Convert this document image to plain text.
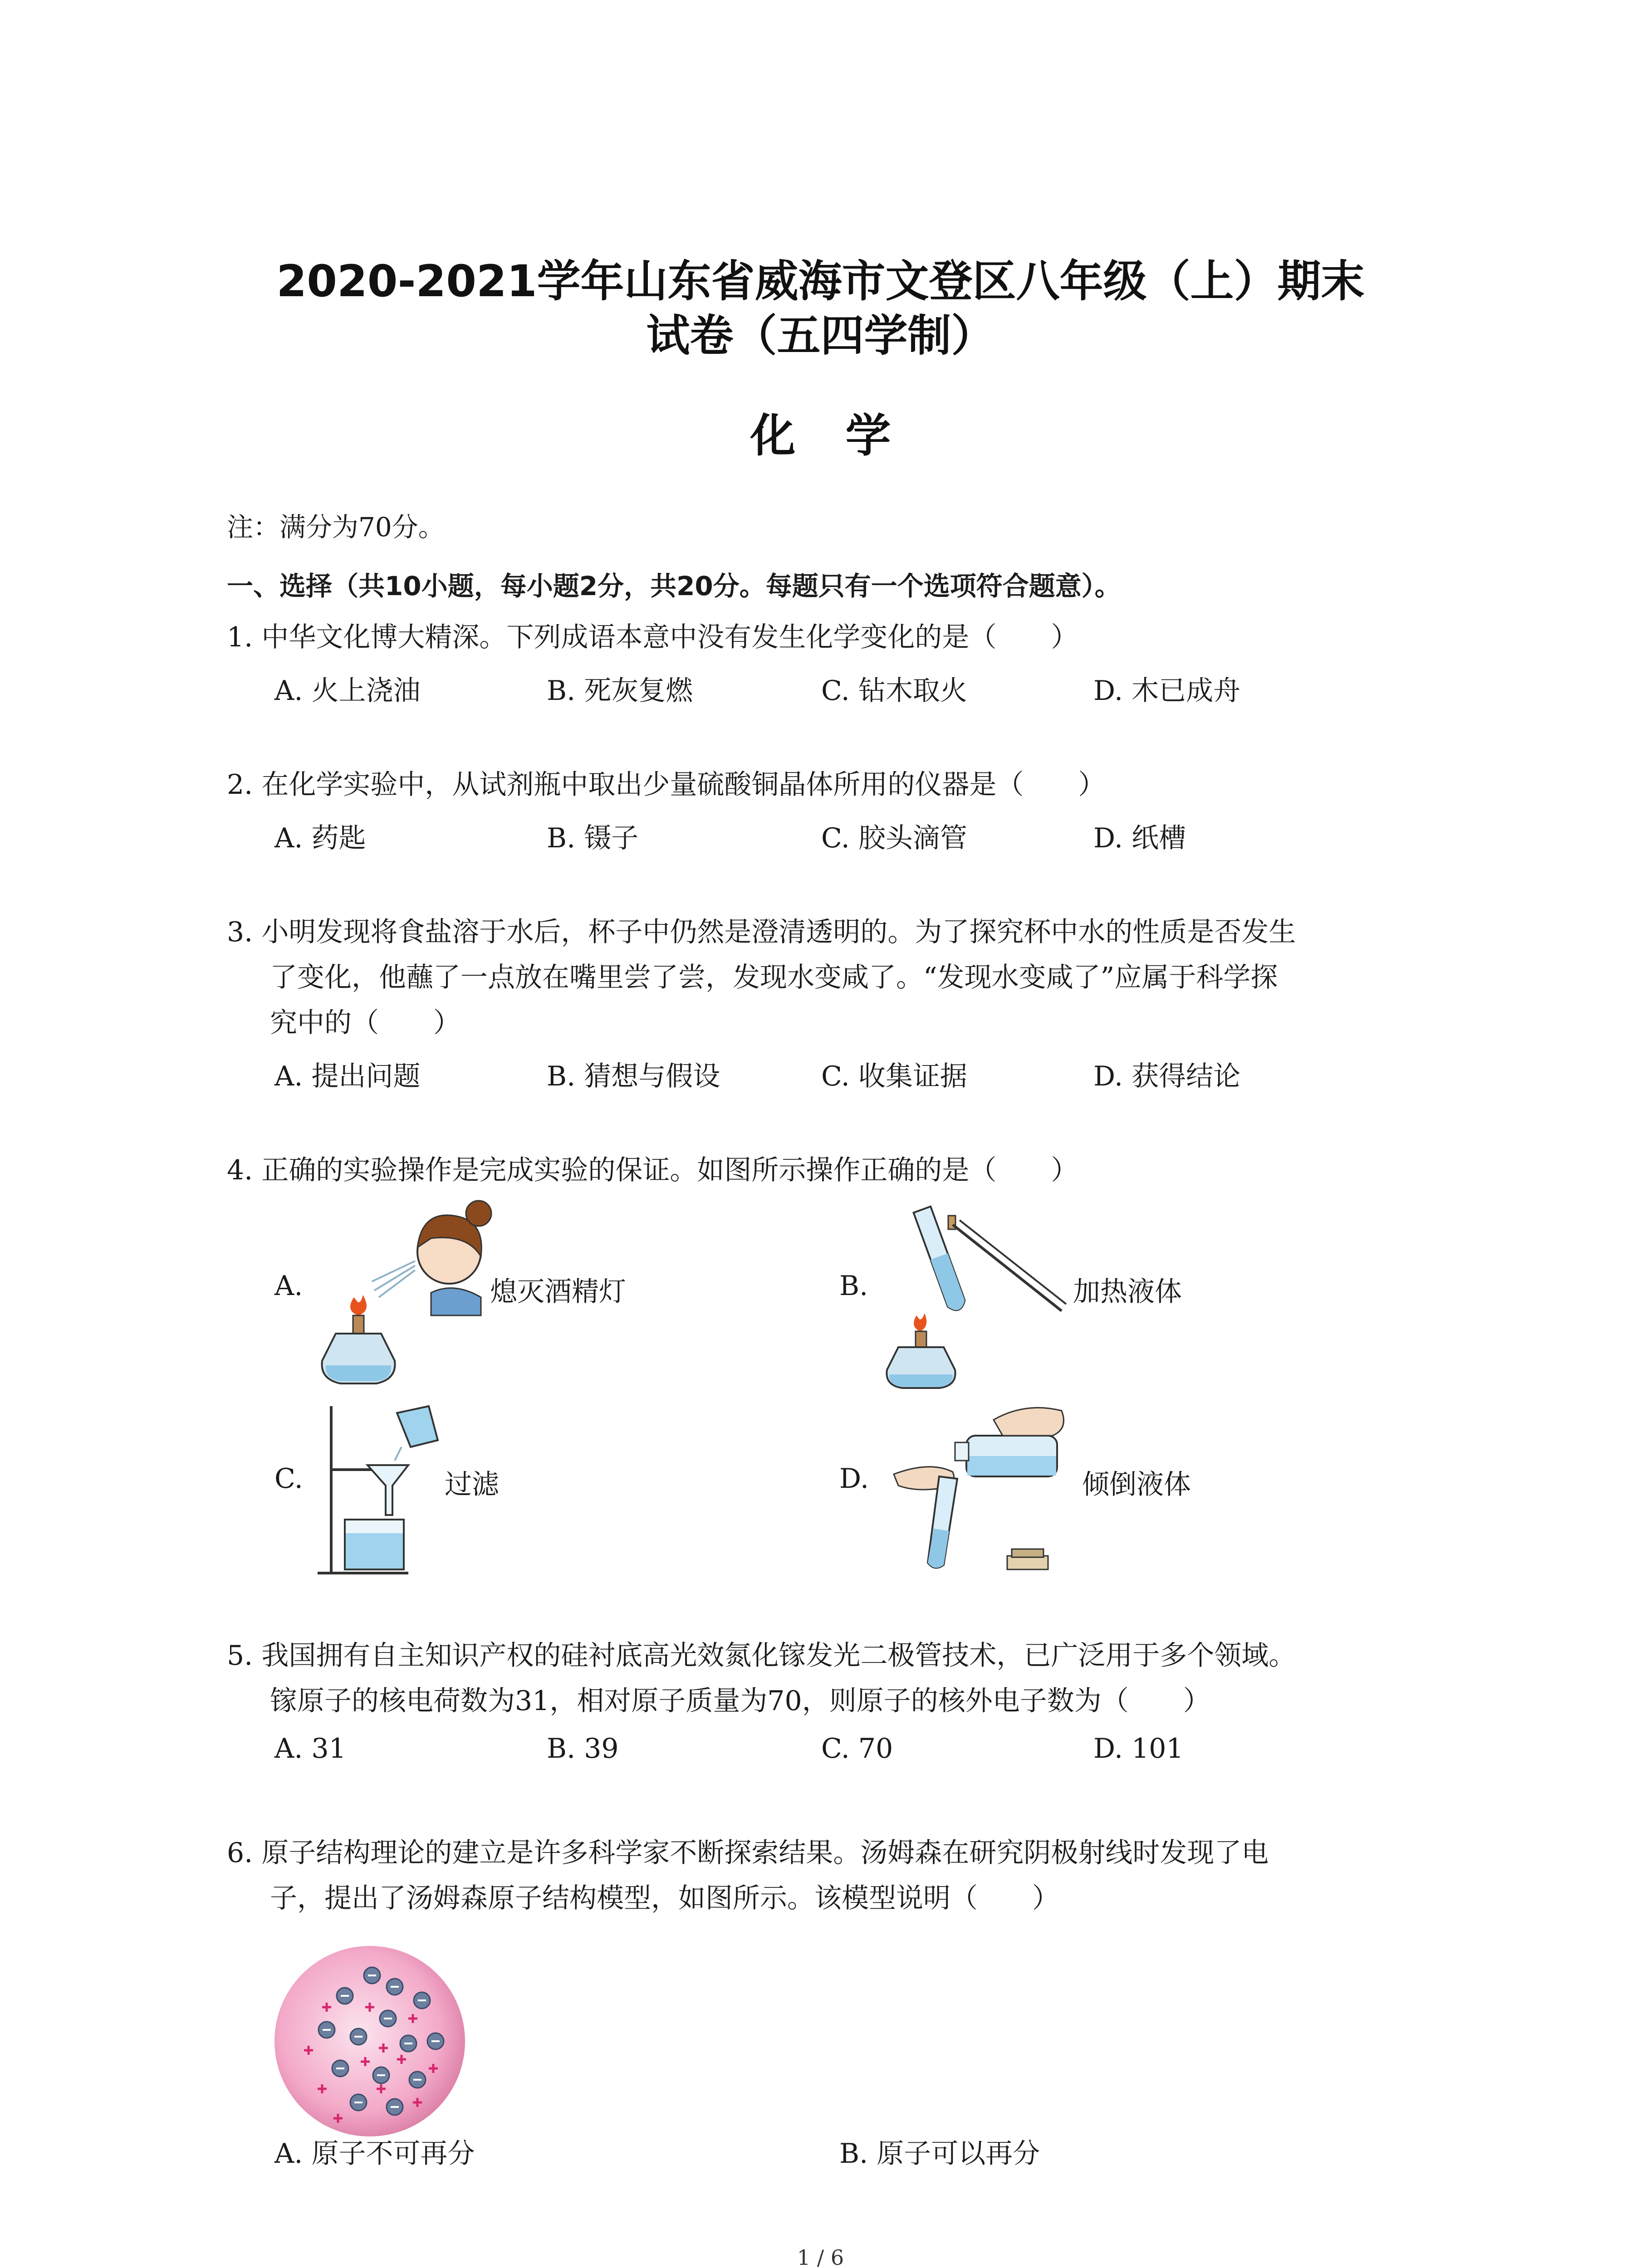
2020-2021学年山东省威海市文登区八年级（上）期末
试卷（五四学制）
化学
注：满分为70分。
一、选择（共10小题，每小题2分，共20分。每题只有一个选项符合题意）。
1. 中华文化博大精深。下列成语本意中没有发生化学变化的是（　　）
A. 火上浇油	B. 死灰复燃	C. 钻木取火	D. 木已成舟
2. 在化学实验中，从试剂瓶中取出少量硫酸铜晶体所用的仪器是（　　）
A. 药匙	B. 镊子	C. 胶头滴管	D. 纸槽
3. 小明发现将食盐溶于水后，杯子中仍然是澄清透明的。为了探究杯中水的性质是否发生
了变化，他蘸了一点放在嘴里尝了尝，发现水变咸了。“发现水变咸了”应属于科学探
究中的（　　）
A. 提出问题	B. 猜想与假设	C. 收集证据	D. 获得结论
4. 正确的实验操作是完成实验的保证。如图所示操作正确的是（　　）
A.	熄灭酒精灯	B.	加热液体
C.	过滤	D.	倾倒液体
5. 我国拥有自主知识产权的硅衬底高光效氮化镓发光二极管技术，已广泛用于多个领域。
镓原子的核电荷数为31，相对原子质量为70，则原子的核外电子数为（　　）
A. 31	B. 39	C. 70	D. 101
6. 原子结构理论的建立是许多科学家不断探索结果。汤姆森在研究阴极射线时发现了电
子，提出了汤姆森原子结构模型，如图所示。该模型说明（　　）
A. 原子不可再分	B. 原子可以再分
1 / 6
